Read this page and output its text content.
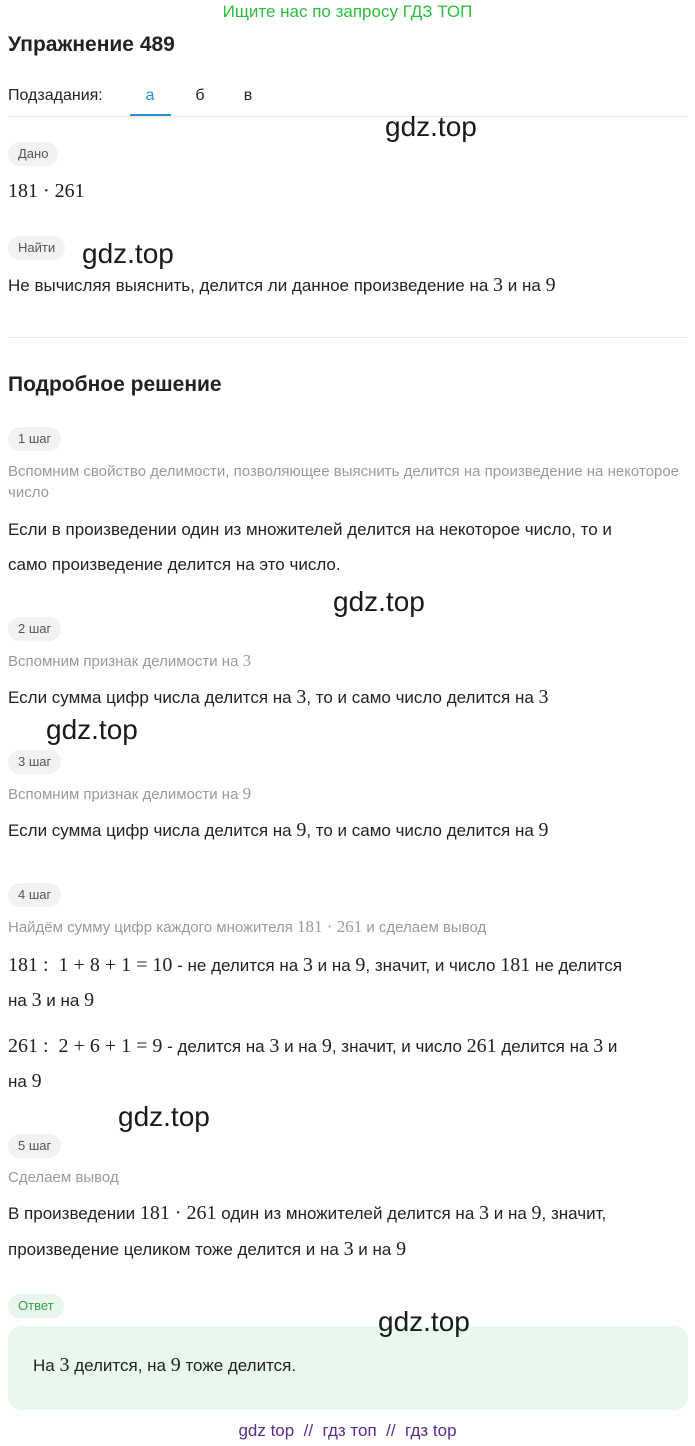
Ищите нас по запросу ГДЗ ТОП
Упражнение 489
Подзадания:	а	б	в
Дано
181 · 261
Найти
Не вычисляя выяснить, делится ли данное произведение на 3 и на 9
Подробное решение
1 шаг
Вспомним свойство делимости, позволяющее выяснить делится на произведение на некоторое число
Если в произведении один из множителей делится на некоторое число, то и
само произведение делится на это число.
2 шаг
Вспомним признак делимости на 3
Если сумма цифр числа делится на 3, то и само число делится на 3
3 шаг
Вспомним признак делимости на 9
Если сумма цифр числа делится на 9, то и само число делится на 9
4 шаг
Найдём сумму цифр каждого множителя 181 · 261 и сделаем вывод
181 :  1 + 8 + 1 = 10 - не делится на 3 и на 9, значит, и число 181 не делится
на 3 и на 9
261 :  2 + 6 + 1 = 9 - делится на 3 и на 9, значит, и число 261 делится на 3 и
на 9
5 шаг
Сделаем вывод
В произведении 181 · 261 один из множителей делится на 3 и на 9, значит,
произведение целиком тоже делится и на 3 и на 9
Ответ
На 3 делится, на 9 тоже делится.
gdz.top
gdz.top
gdz.top
gdz.top
gdz.top
gdz.top
gdz top  //  гдз топ  //  гдз top
